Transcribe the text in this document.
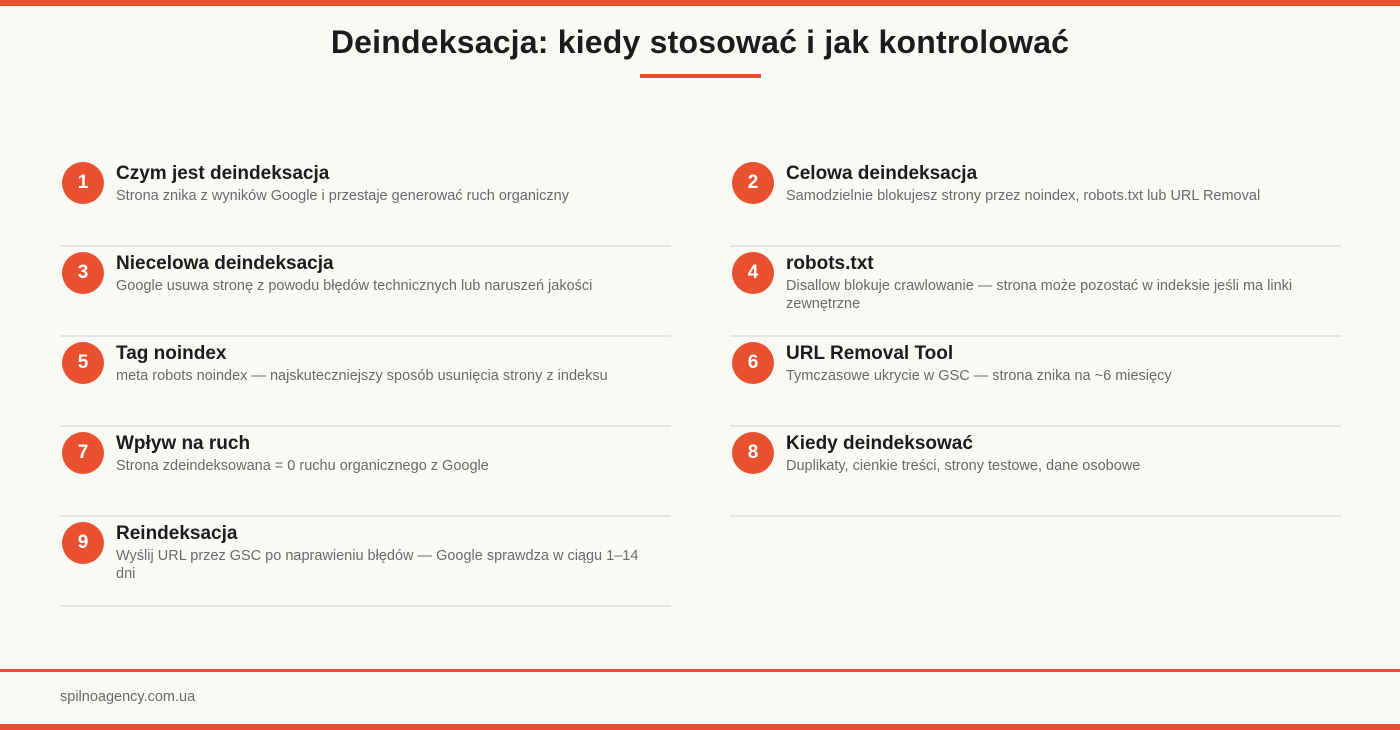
Deindeksacja: kiedy stosować i jak kontrolować
1	Czym jest deindeksacja
Strona znika z wyników Google i przestaje generować ruch organiczny
2	Celowa deindeksacja
Samodzielnie blokujesz strony przez noindex, robots.txt lub URL Removal
3	Niecelowa deindeksacja
Google usuwa stronę z powodu błędów technicznych lub naruszeń jakości
4	robots.txt
Disallow blokuje crawlowanie — strona może pozostać w indeksie jeśli ma linki zewnętrzne
5	Tag noindex
meta robots noindex — najskuteczniejszy sposób usunięcia strony z indeksu
6	URL Removal Tool
Tymczasowe ukrycie w GSC — strona znika na ~6 miesięcy
7	Wpływ na ruch
Strona zdeindeksowana = 0 ruchu organicznego z Google
8	Kiedy deindeksować
Duplikaty, cienkie treści, strony testowe, dane osobowe
9	Reindeksacja
Wyślij URL przez GSC po naprawieniu błędów — Google sprawdza w ciągu 1–14 dni
spilnoagency.com.ua
